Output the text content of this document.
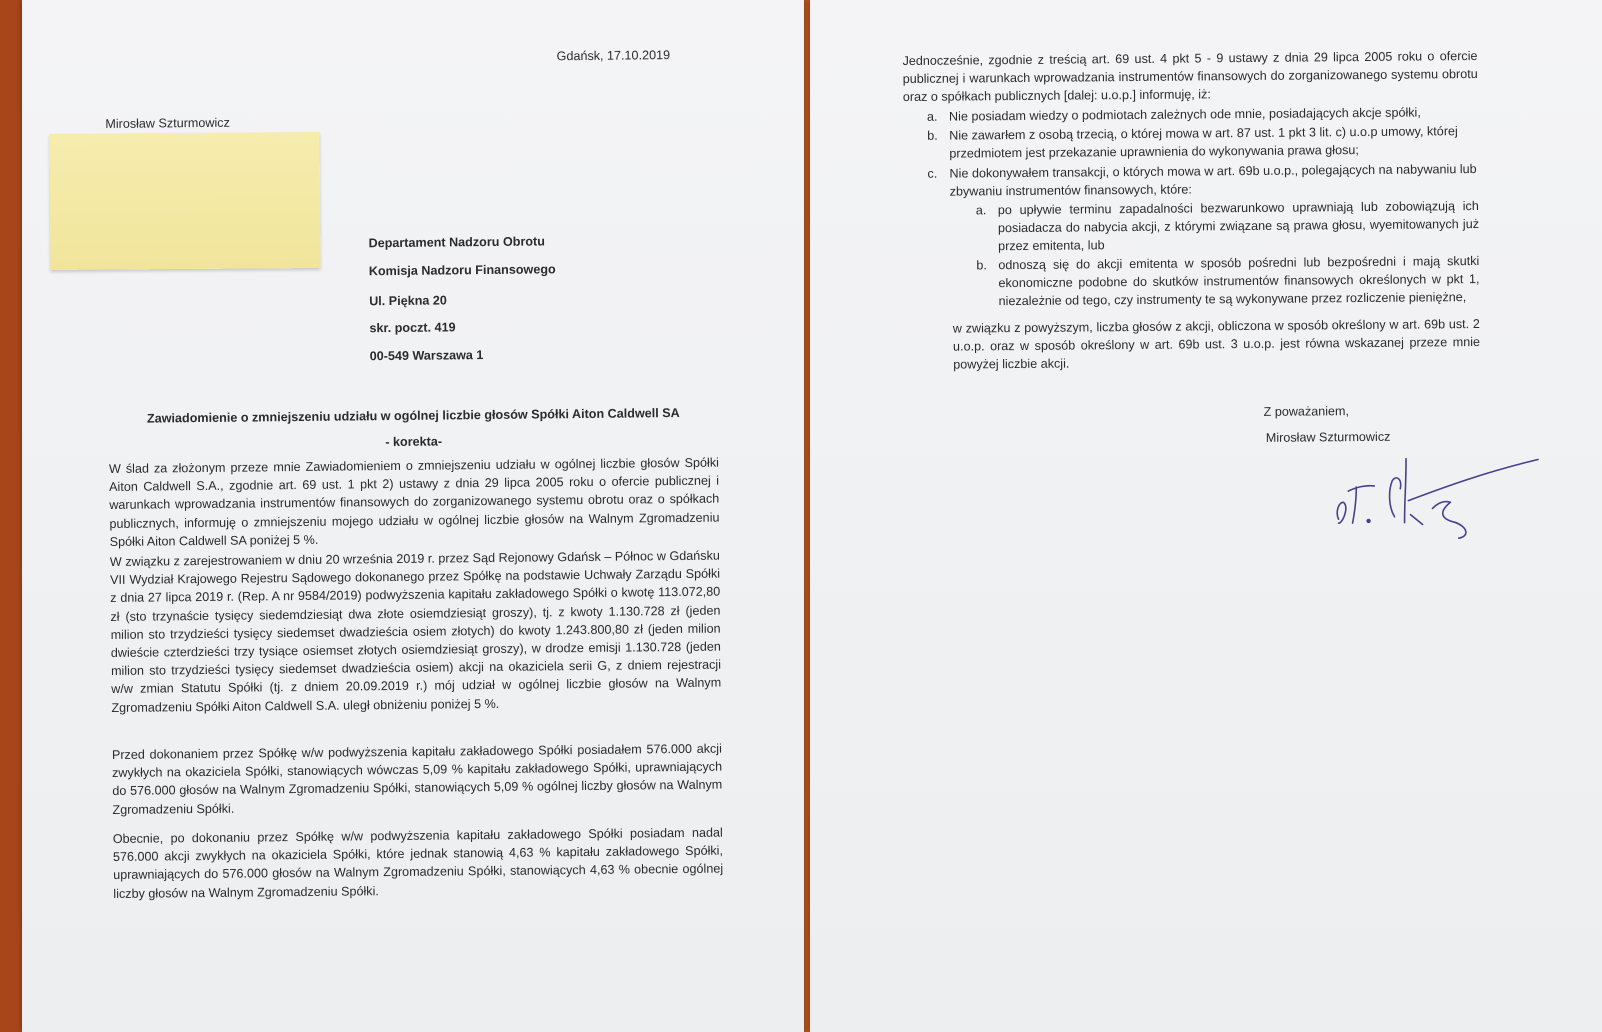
Gdańsk, 17.10.2019

Mirosław Szturmowicz

Departament Nadzoru Obrotu

Komisja Nadzoru Finansowego

Ul. Piękna 20

skr. poczt. 419

00-549 Warszawa 1

Zawiadomienie o zmniejszeniu udziału w ogólnej liczbie głosów Spółki Aiton Caldwell SA

- korekta-

W ślad za złożonym przeze mnie Zawiadomieniem o zmniejszeniu udziału w ogólnej liczbie głosów Spółki Aiton Caldwell S.A., zgodnie art. 69 ust. 1 pkt 2) ustawy z dnia 29 lipca 2005 roku o ofercie publicznej i warunkach wprowadzania instrumentów finansowych do zorganizowanego systemu obrotu oraz o spółkach publicznych, informuję o zmniejszeniu mojego udziału w ogólnej liczbie głosów na Walnym Zgromadzeniu Spółki Aiton Caldwell SA poniżej 5 %.

W związku z zarejestrowaniem w dniu 20 września 2019 r. przez Sąd Rejonowy Gdańsk – Północ w Gdańsku VII Wydział Krajowego Rejestru Sądowego dokonanego przez Spółkę na podstawie Uchwały Zarządu Spółki z dnia 27 lipca 2019 r. (Rep. A nr 9584/2019) podwyższenia kapitału zakładowego Spółki o kwotę 113.072,80 zł (sto trzynaście tysięcy siedemdziesiąt dwa złote osiemdziesiąt groszy), tj. z kwoty 1.130.728 zł (jeden milion sto trzydzieści tysięcy siedemset dwadzieścia osiem złotych) do kwoty 1.243.800,80 zł (jeden milion dwieście czterdzieści trzy tysiące osiemset złotych osiemdziesiąt groszy), w drodze emisji 1.130.728 (jeden milion sto trzydzieści tysięcy siedemset dwadzieścia osiem) akcji na okaziciela serii G, z dniem rejestracji w/w zmian Statutu Spółki (tj. z dniem 20.09.2019 r.) mój udział w ogólnej liczbie głosów na Walnym Zgromadzeniu Spółki Aiton Caldwell S.A. uległ obniżeniu poniżej 5 %.

Przed dokonaniem przez Spółkę w/w podwyższenia kapitału zakładowego Spółki posiadałem 576.000 akcji zwykłych na okaziciela Spółki, stanowiących wówczas 5,09 % kapitału zakładowego Spółki, uprawniających do 576.000 głosów na Walnym Zgromadzeniu Spółki, stanowiących 5,09 % ogólnej liczby głosów na Walnym Zgromadzeniu Spółki.

Obecnie, po dokonaniu przez Spółkę w/w podwyższenia kapitału zakładowego Spółki posiadam nadal 576.000 akcji zwykłych na okaziciela Spółki, które jednak stanowią 4,63 % kapitału zakładowego Spółki, uprawniających do 576.000 głosów na Walnym Zgromadzeniu Spółki, stanowiących 4,63 % obecnie ogólnej liczby głosów na Walnym Zgromadzeniu Spółki.

Jednocześnie, zgodnie z treścią art. 69 ust. 4 pkt 5 - 9 ustawy z dnia 29 lipca 2005 roku o ofercie publicznej i warunkach wprowadzania instrumentów finansowych do zorganizowanego systemu obrotu oraz o spółkach publicznych [dalej: u.o.p.] informuję, iż:

a. Nie posiadam wiedzy o podmiotach zależnych ode mnie, posiadających akcje spółki,
b. Nie zawarłem z osobą trzecią, o której mowa w art. 87 ust. 1 pkt 3 lit. c) u.o.p umowy, której przedmiotem jest przekazanie uprawnienia do wykonywania prawa głosu;
c. Nie dokonywałem transakcji, o których mowa w art. 69b u.o.p., polegających na nabywaniu lub zbywaniu instrumentów finansowych, które:
a. po upływie terminu zapadalności bezwarunkowo uprawniają lub zobowiązują ich posiadacza do nabycia akcji, z którymi związane są prawa głosu, wyemitowanych już przez emitenta, lub
b. odnoszą się do akcji emitenta w sposób pośredni lub bezpośredni i mają skutki ekonomiczne podobne do skutków instrumentów finansowych określonych w pkt 1, niezależnie od tego, czy instrumenty te są wykonywane przez rozliczenie pieniężne,

w związku z powyższym, liczba głosów z akcji, obliczona w sposób określony w art. 69b ust. 2 u.o.p. oraz w sposób określony w art. 69b ust. 3 u.o.p. jest równa wskazanej przeze mnie powyżej liczbie akcji.

Z poważaniem,

Mirosław Szturmowicz
